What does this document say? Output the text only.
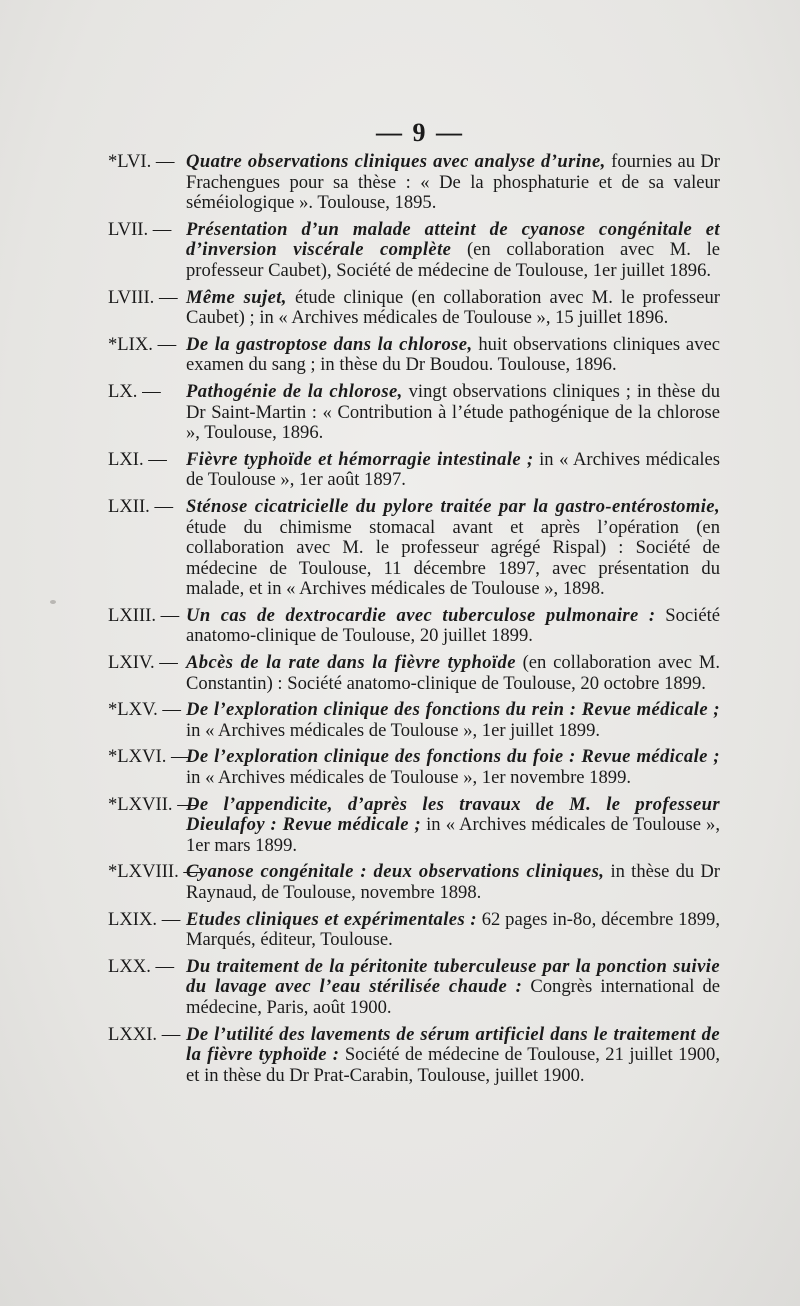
— 9 —
*LVI. — Quatre observations cliniques avec analyse d’urine, fournies au Dr Frachengues pour sa thèse : « De la phosphaturie et de sa valeur séméiologique ». Toulouse, 1895.
LVII. — Présentation d’un malade atteint de cyanose congénitale et d’inversion viscérale complète (en collaboration avec M. le professeur Caubet), Société de médecine de Toulouse, 1er juillet 1896.
LVIII. — Même sujet, étude clinique (en collaboration avec M. le professeur Caubet) ; in « Archives médicales de Toulouse », 15 juillet 1896.
*LIX. — De la gastroptose dans la chlorose, huit observations cliniques avec examen du sang ; in thèse du Dr Boudou. Toulouse, 1896.
LX. — Pathogénie de la chlorose, vingt observations cliniques ; in thèse du Dr Saint-Martin : « Contribution à l’étude pathogénique de la chlorose », Toulouse, 1896.
LXI. — Fièvre typhoïde et hémorragie intestinale ; in « Archives médicales de Toulouse », 1er août 1897.
LXII. — Sténose cicatricielle du pylore traitée par la gastro-entérostomie, étude du chimisme stomacal avant et après l’opération (en collaboration avec M. le professeur agrégé Rispal) : Société de médecine de Toulouse, 11 décembre 1897, avec présentation du malade, et in « Archives médicales de Toulouse », 1898.
LXIII. — Un cas de dextrocardie avec tuberculose pulmonaire : Société anatomo-clinique de Toulouse, 20 juillet 1899.
LXIV. — Abcès de la rate dans la fièvre typhoïde (en collaboration avec M. Constantin) : Société anatomo-clinique de Toulouse, 20 octobre 1899.
*LXV. — De l’exploration clinique des fonctions du rein : Revue médicale ; in « Archives médicales de Toulouse », 1er juillet 1899.
*LXVI. —
De l’exploration clinique des fonctions du foie : Revue médicale ; in « Archives médicales de Toulouse », 1er novembre 1899.
*LXVII. —
De l’appendicite, d’après les travaux de M. le professeur Dieulafoy : Revue médicale ; in « Archives médicales de Toulouse », 1er mars 1899.
*LXVIII. —
Cyanose congénitale : deux observations cliniques, in thèse du Dr Raynaud, de Toulouse, novembre 1898.
LXIX. — Etudes cliniques et expérimentales : 62 pages in-8o, décembre 1899, Marqués, éditeur, Toulouse.
LXX. — Du traitement de la péritonite tuberculeuse par la ponction suivie du lavage avec l’eau stérilisée chaude : Congrès international de médecine, Paris, août 1900.
LXXI. — De l’utilité des lavements de sérum artificiel dans le traitement de la fièvre typhoïde : Société de médecine de Toulouse, 21 juillet 1900, et in thèse du Dr Prat-Carabin, Toulouse, juillet 1900.
